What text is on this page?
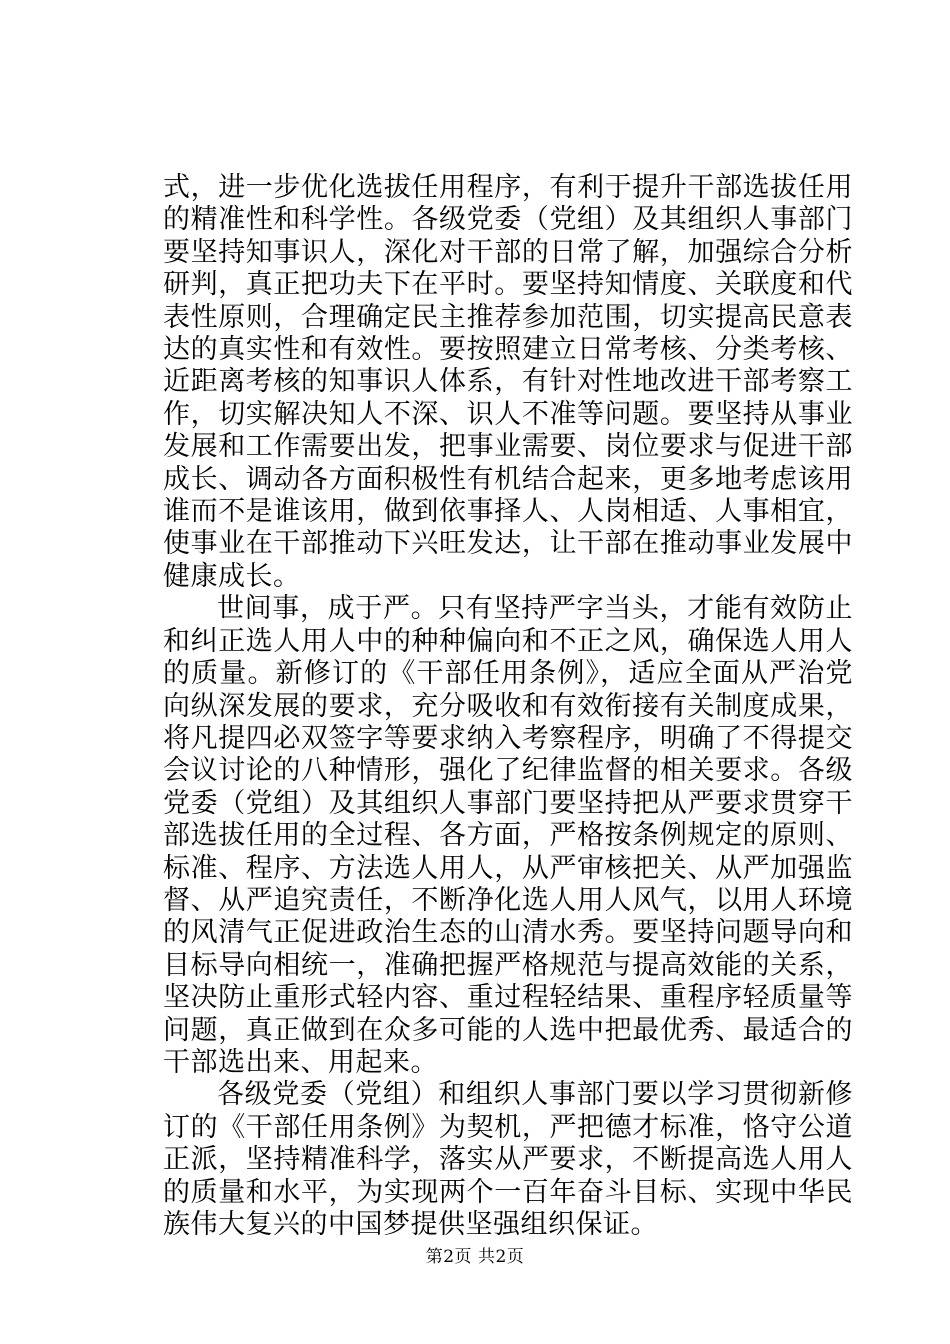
式，进一步优化选拔任用程序，有利于提升干部选拔任用的精准性和科学性。各级党委（党组）及其组织人事部门要坚持知事识人，深化对干部的日常了解，加强综合分析研判，真正把功夫下在平时。要坚持知情度、关联度和代表性原则，合理确定民主推荐参加范围，切实提高民意表达的真实性和有效性。要按照建立日常考核、分类考核、近距离考核的知事识人体系，有针对性地改进干部考察工作，切实解决知人不深、识人不准等问题。要坚持从事业发展和工作需要出发，把事业需要、岗位要求与促进干部成长、调动各方面积极性有机结合起来，更多地考虑该用谁而不是谁该用，做到依事择人、人岗相适、人事相宜，使事业在干部推动下兴旺发达，让干部在推动事业发展中健康成长。

世间事，成于严。只有坚持严字当头，才能有效防止和纠正选人用人中的种种偏向和不正之风，确保选人用人的质量。新修订的《干部任用条例》，适应全面从严治党向纵深发展的要求，充分吸收和有效衔接有关制度成果，将凡提四必双签字等要求纳入考察程序，明确了不得提交会议讨论的八种情形，强化了纪律监督的相关要求。各级党委（党组）及其组织人事部门要坚持把从严要求贯穿干部选拔任用的全过程、各方面，严格按条例规定的原则、标准、程序、方法选人用人，从严审核把关、从严加强监督、从严追究责任，不断净化选人用人风气，以用人环境的风清气正促进政治生态的山清水秀。要坚持问题导向和目标导向相统一，准确把握严格规范与提高效能的关系，坚决防止重形式轻内容、重过程轻结果、重程序轻质量等问题，真正做到在众多可能的人选中把最优秀、最适合的干部选出来、用起来。

各级党委（党组）和组织人事部门要以学习贯彻新修订的《干部任用条例》为契机，严把德才标准，恪守公道正派，坚持精准科学，落实从严要求，不断提高选人用人的质量和水平，为实现两个一百年奋斗目标、实现中华民族伟大复兴的中国梦提供坚强组织保证。

第2页 共2页
